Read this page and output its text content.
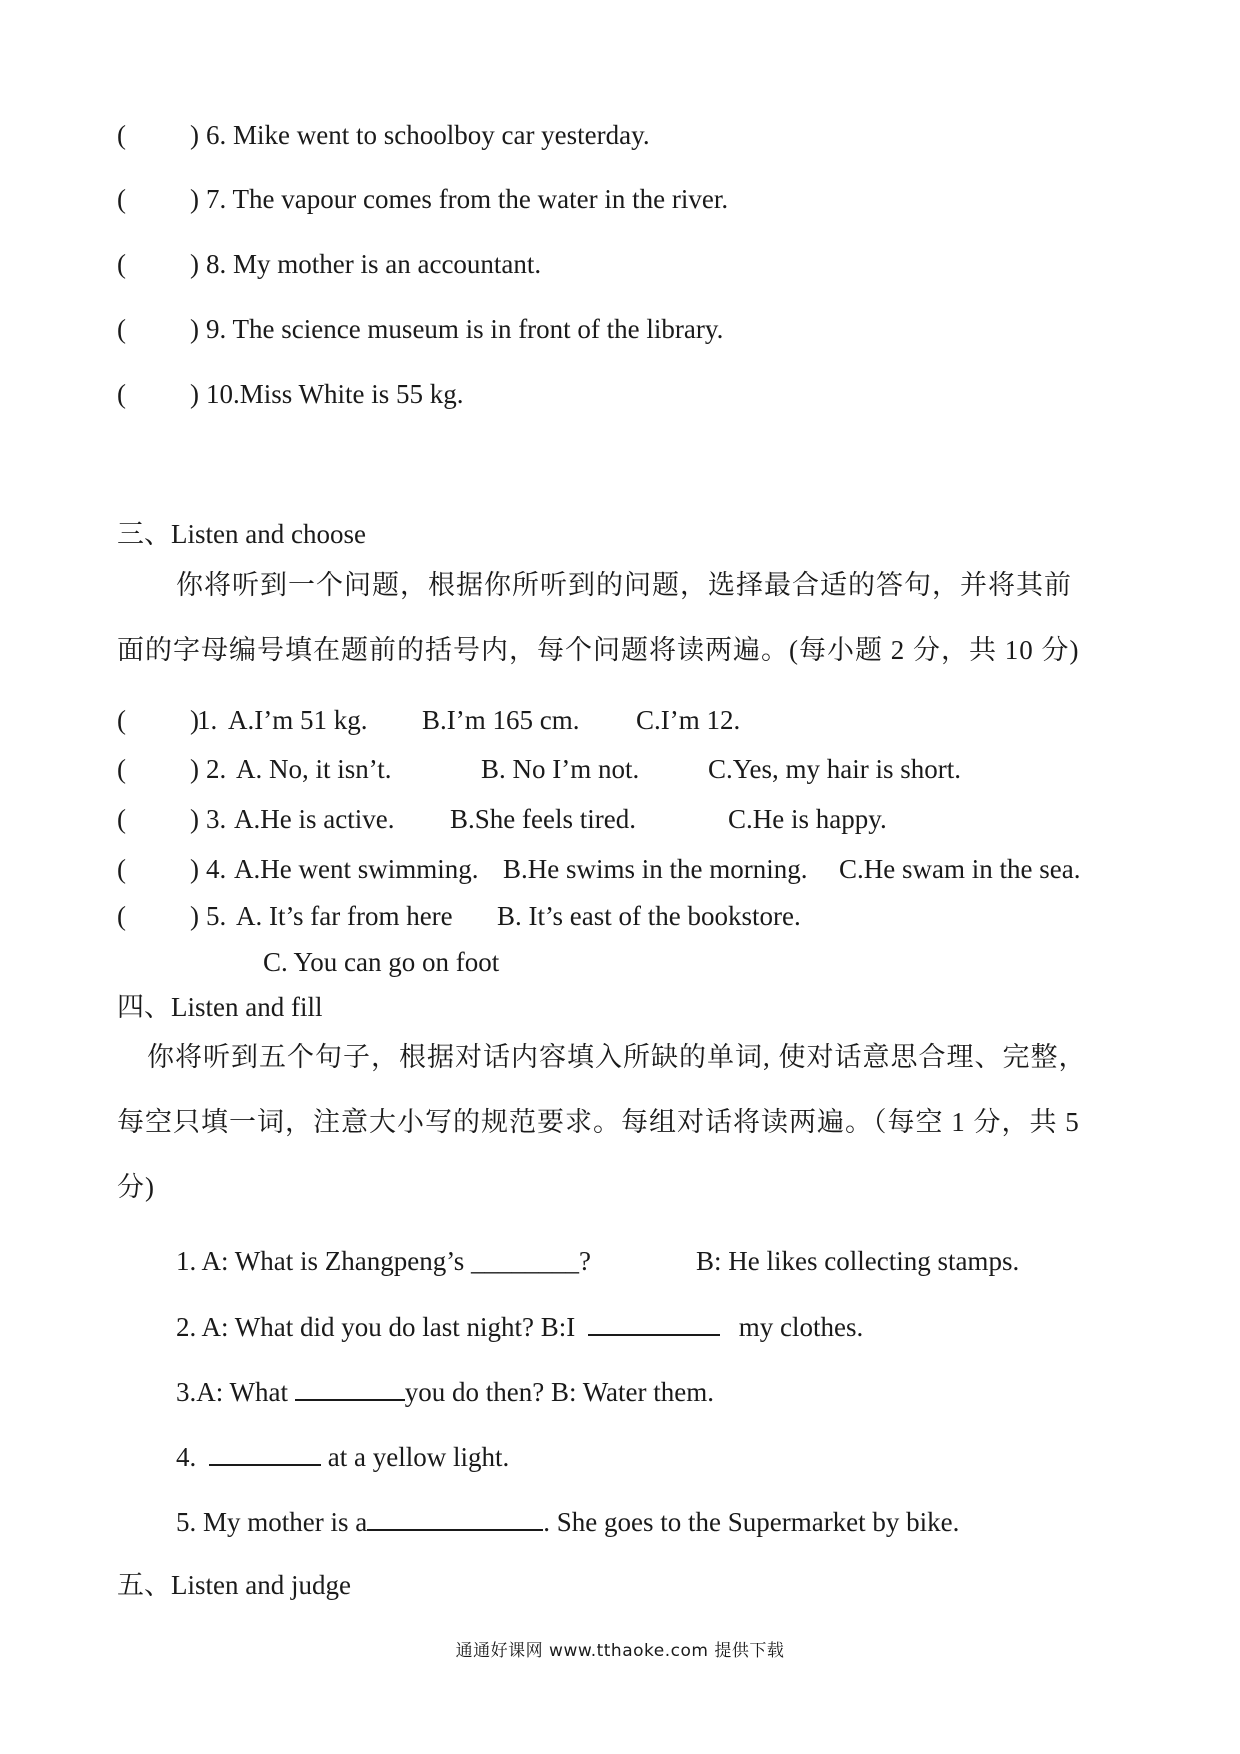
( ) 6. Mike went to schoolboy car yesterday.
( ) 7. The vapour comes from the water in the river.
( ) 8. My mother is an accountant.
( ) 9. The science museum is in front of the library.
( ) 10.Miss White is 55 kg.
三、Listen and choose
你将听到一个问题，根据你所听到的问题，选择最合适的答句，并将其前
面的字母编号填在题前的括号内，每个问题将读两遍。(每小题 2 分，共 10 分)
( )
1. A.I’m 51 kg. B.I’m 165 cm. C.I’m 12.
( ) 2. A. No, it isn’t.	B. No I’m not.	C.Yes, my hair is short.
( ) 3. A.He is active. B.She feels tired.	C.He is happy.
( ) 4. A.He went swimming. B.He swims in the morning. C.He swam in the sea.
( ) 5. A. It’s far from here B. It’s east of the bookstore.
C. You can go on foot
四、Listen and fill
你将听到五个句子，根据对话内容填入所缺的单词, 使对话意思合理、完整，
每空只填一词，注意大小写的规范要求。每组对话将读两遍。（每空 1 分，共 5
分)
1. A: What is Zhangpeng’s ________?	B: He likes collecting stamps.
2. A: What did you do last night? B:I	my clothes.
3.A: What	you do then? B: Water them.
4.	at a yellow light.
5. My mother is a	. She goes to the Supermarket by bike.
五、Listen and judge
通通好课网 www.tthaoke.com 提供下载
